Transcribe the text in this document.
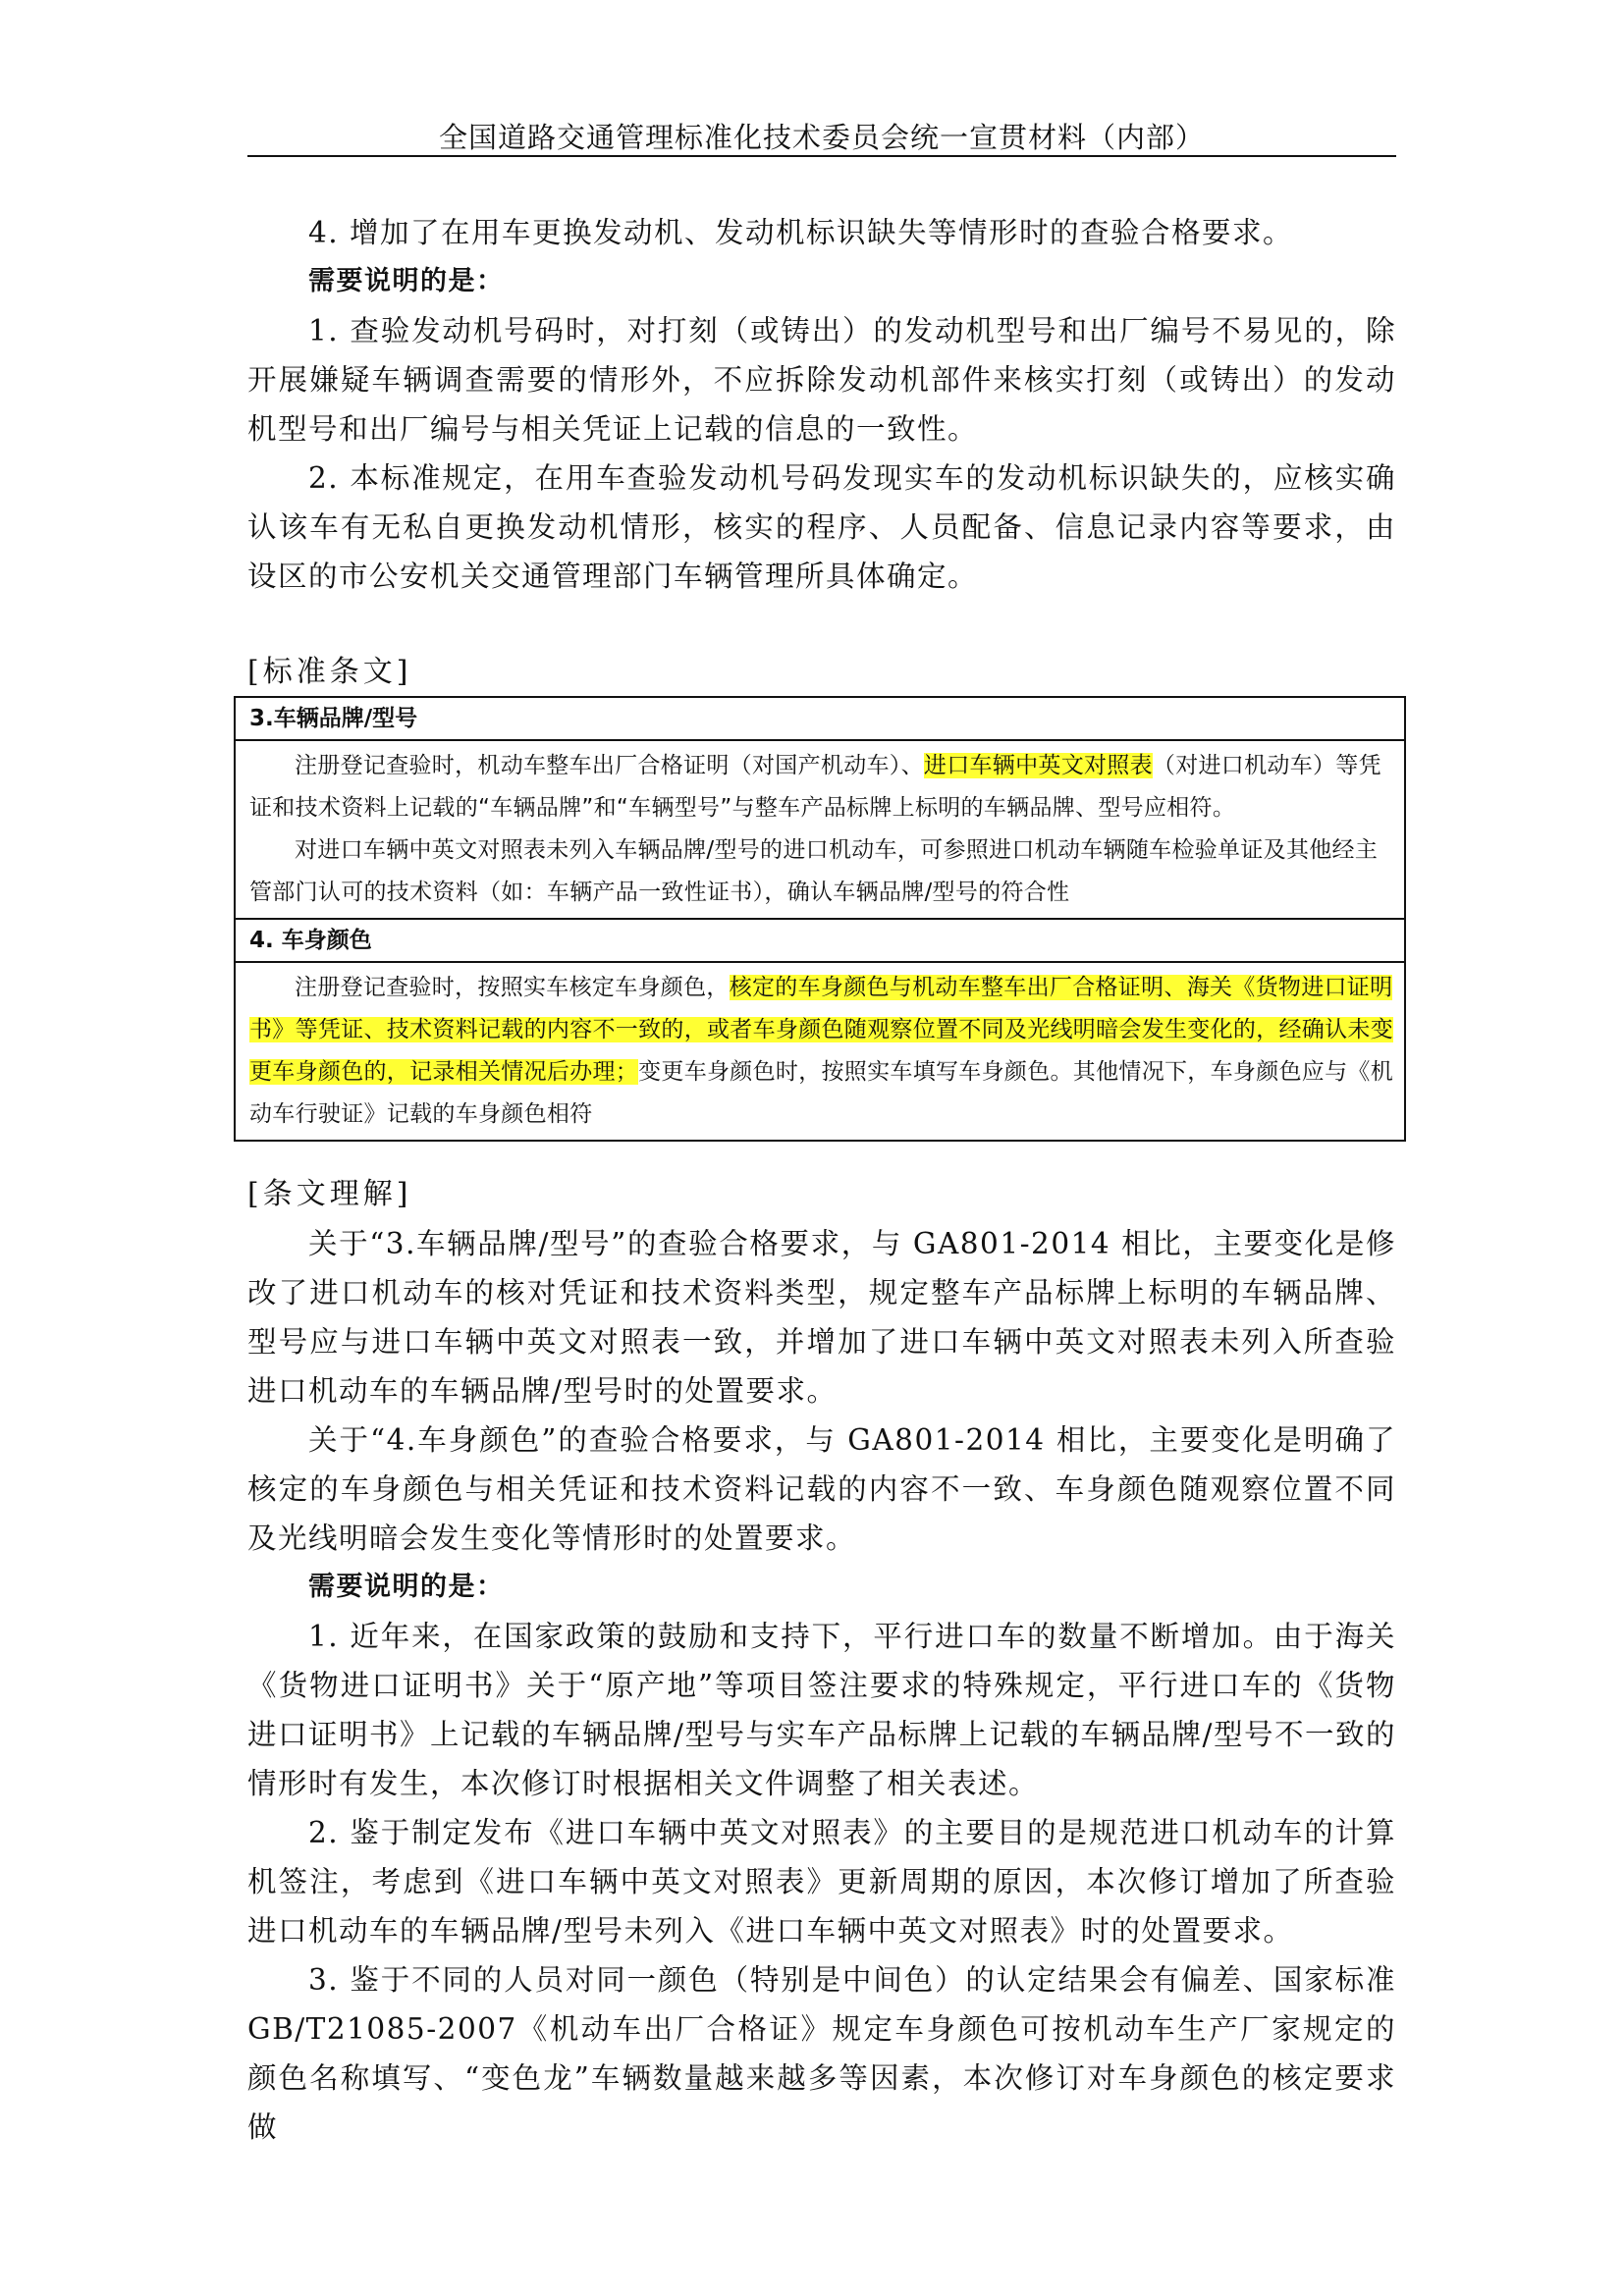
全国道路交通管理标准化技术委员会统一宣贯材料（内部）

4. 增加了在用车更换发动机、发动机标识缺失等情形时的查验合格要求。

需要说明的是：

1. 查验发动机号码时，对打刻（或铸出）的发动机型号和出厂编号不易见的，除开展嫌疑车辆调查需要的情形外，不应拆除发动机部件来核实打刻（或铸出）的发动机型号和出厂编号与相关凭证上记载的信息的一致性。

2. 本标准规定，在用车查验发动机号码发现实车的发动机标识缺失的，应核实确认该车有无私自更换发动机情形，核实的程序、人员配备、信息记录内容等要求，由设区的市公安机关交通管理部门车辆管理所具体确定。

[标准条文]

3.车辆品牌/型号

注册登记查验时，机动车整车出厂合格证明（对国产机动车）、进口车辆中英文对照表（对进口机动车）等凭证和技术资料上记载的“车辆品牌”和“车辆型号”与整车产品标牌上标明的车辆品牌、型号应相符。

对进口车辆中英文对照表未列入车辆品牌/型号的进口机动车，可参照进口机动车辆随车检验单证及其他经主管部门认可的技术资料（如：车辆产品一致性证书），确认车辆品牌/型号的符合性

4. 车身颜色

注册登记查验时，按照实车核定车身颜色，核定的车身颜色与机动车整车出厂合格证明、海关《货物进口证明书》等凭证、技术资料记载的内容不一致的，或者车身颜色随观察位置不同及光线明暗会发生变化的，经确认未变更车身颜色的，记录相关情况后办理；变更车身颜色时，按照实车填写车身颜色。其他情况下，车身颜色应与《机动车行驶证》记载的车身颜色相符

[条文理解]

关于“3.车辆品牌/型号”的查验合格要求，与 GA801-2014 相比，主要变化是修改了进口机动车的核对凭证和技术资料类型，规定整车产品标牌上标明的车辆品牌、型号应与进口车辆中英文对照表一致，并增加了进口车辆中英文对照表未列入所查验进口机动车的车辆品牌/型号时的处置要求。

关于“4.车身颜色”的查验合格要求，与 GA801-2014 相比，主要变化是明确了核定的车身颜色与相关凭证和技术资料记载的内容不一致、车身颜色随观察位置不同及光线明暗会发生变化等情形时的处置要求。

需要说明的是：

1. 近年来，在国家政策的鼓励和支持下，平行进口车的数量不断增加。由于海关《货物进口证明书》关于“原产地”等项目签注要求的特殊规定，平行进口车的《货物进口证明书》上记载的车辆品牌/型号与实车产品标牌上记载的车辆品牌/型号不一致的情形时有发生，本次修订时根据相关文件调整了相关表述。

2. 鉴于制定发布《进口车辆中英文对照表》的主要目的是规范进口机动车的计算机签注，考虑到《进口车辆中英文对照表》更新周期的原因，本次修订增加了所查验进口机动车的车辆品牌/型号未列入《进口车辆中英文对照表》时的处置要求。

3. 鉴于不同的人员对同一颜色（特别是中间色）的认定结果会有偏差、国家标准 GB/T21085-2007《机动车出厂合格证》规定车身颜色可按机动车生产厂家规定的颜色名称填写、“变色龙”车辆数量越来越多等因素，本次修订对车身颜色的核定要求做
